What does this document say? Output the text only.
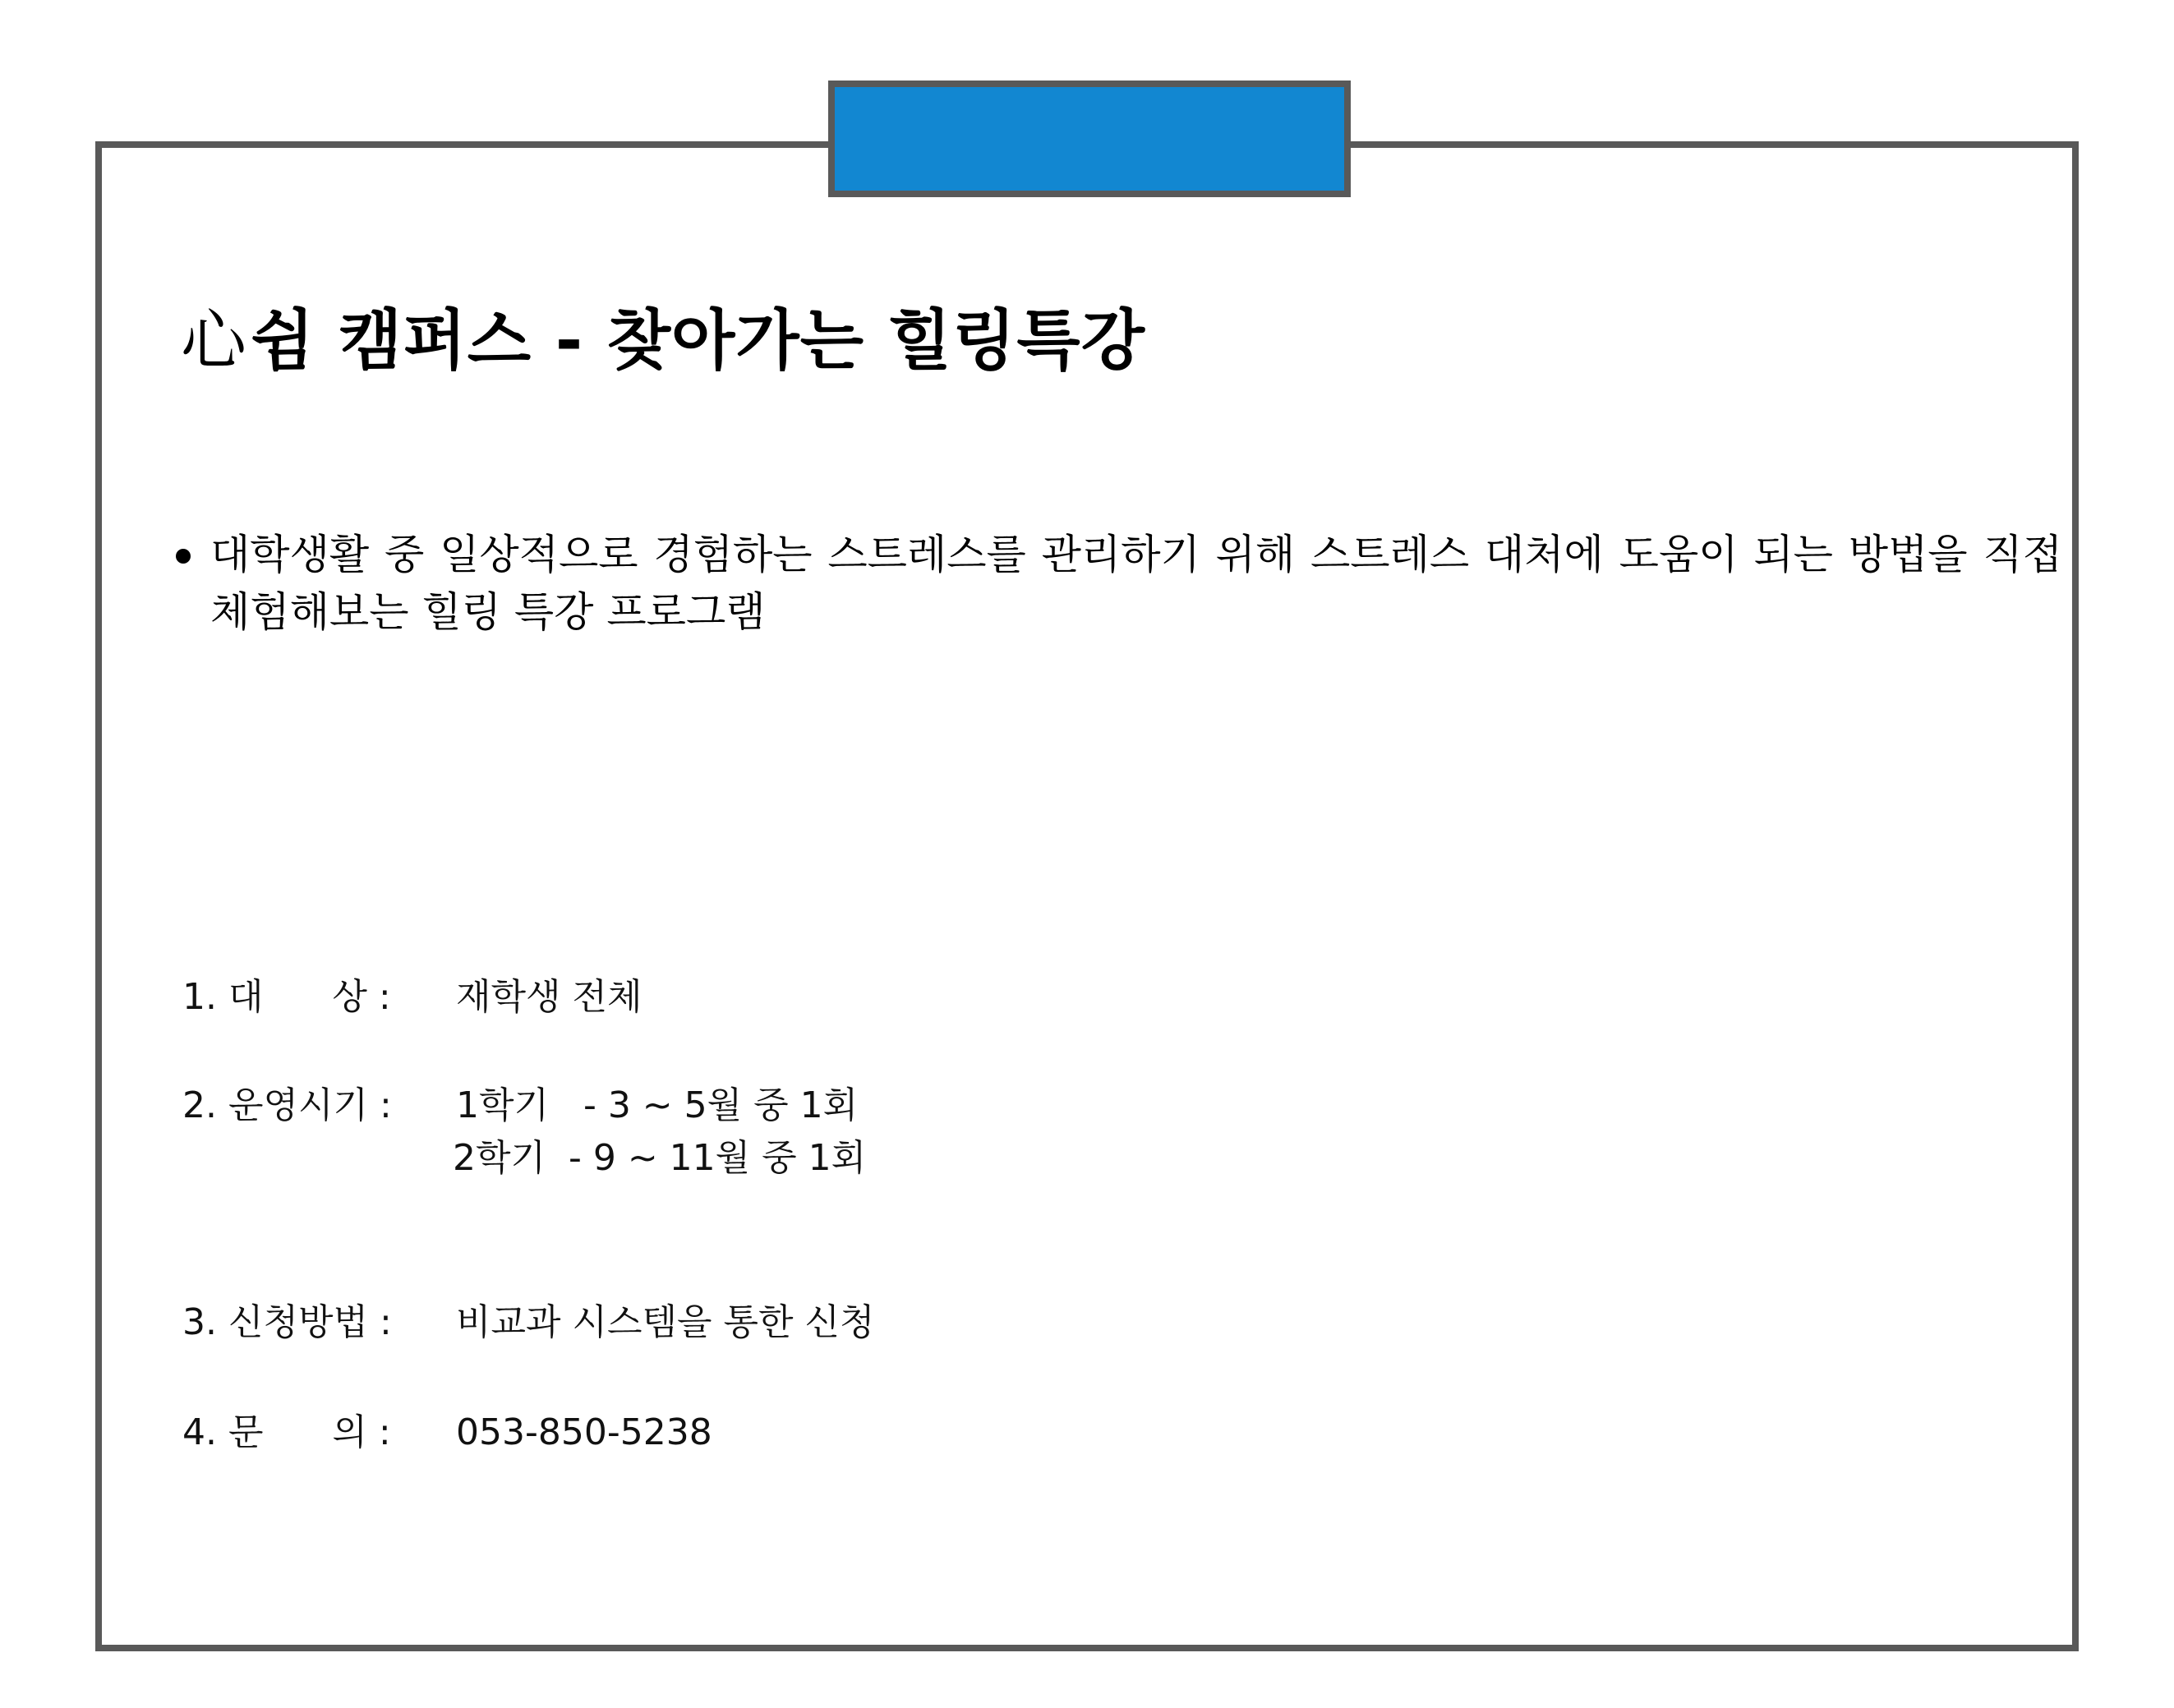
心 쉼 캠퍼스 - 찾아가는 힐링특강
대학생활 중 일상적으로 경험하는 스트레스를 관리하기 위해 스트레스 대처에 도움이 되는 방법을 직접 체험해보는 힐링 특강 프로그램
1. 대      상 :	재학생 전체
2. 운영시기 :	1학기   - 3 ~ 5월 중 1회
2학기  - 9 ~ 11월 중 1회
3. 신청방법 :	비교과 시스템을 통한 신청
4. 문      의 :	053-850-5238
